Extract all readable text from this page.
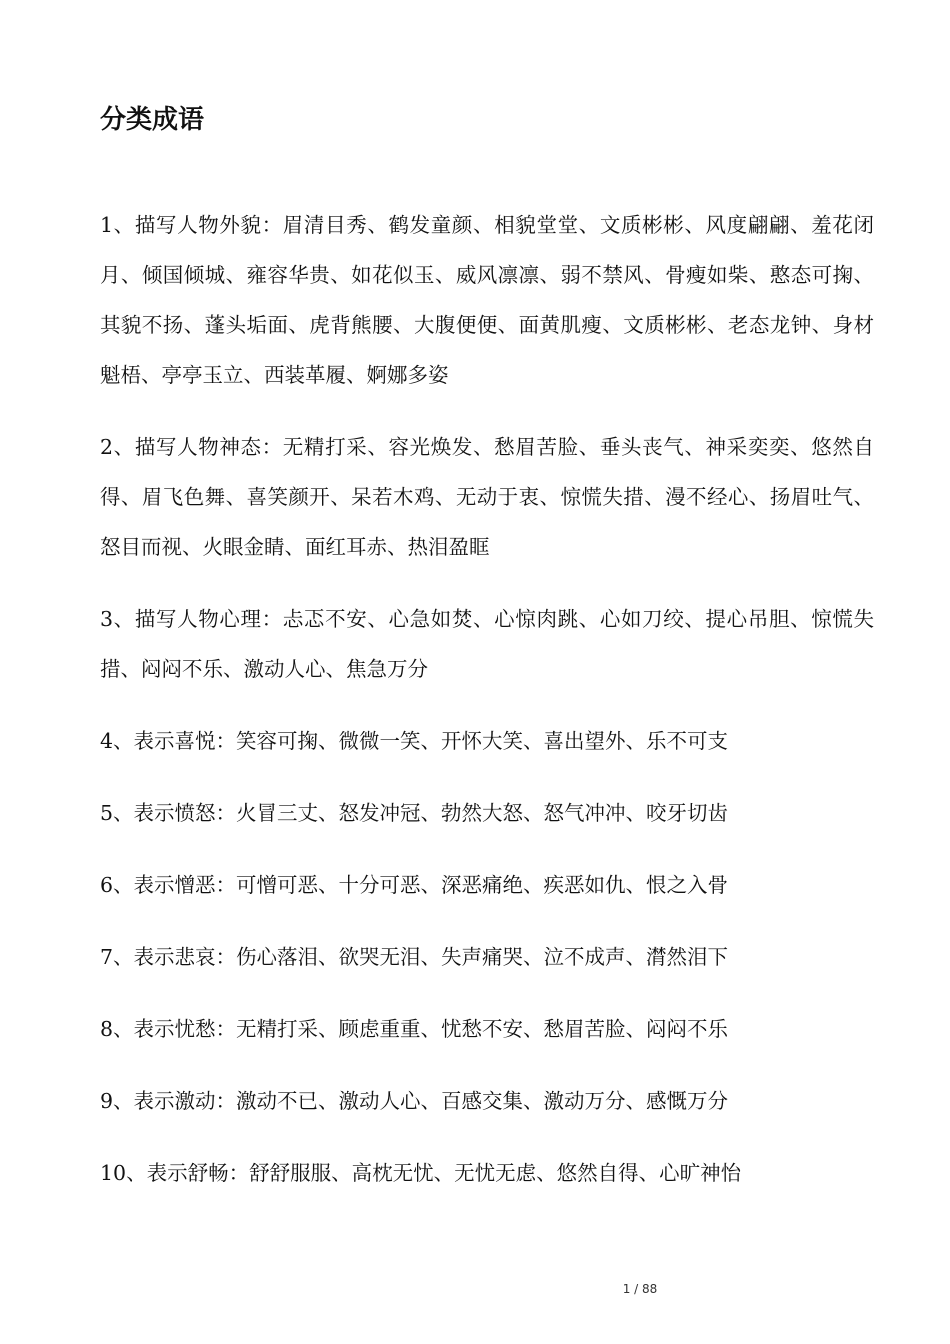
分类成语

1、描写人物外貌：眉清目秀、鹤发童颜、相貌堂堂、文质彬彬、风度翩翩、羞花闭月、倾国倾城、雍容华贵、如花似玉、威风凛凛、弱不禁风、骨瘦如柴、憨态可掬、其貌不扬、蓬头垢面、虎背熊腰、大腹便便、面黄肌瘦、文质彬彬、老态龙钟、身材魁梧、亭亭玉立、西装革履、婀娜多姿

2、描写人物神态：无精打采、容光焕发、愁眉苦脸、垂头丧气、神采奕奕、悠然自得、眉飞色舞、喜笑颜开、呆若木鸡、无动于衷、惊慌失措、漫不经心、扬眉吐气、怒目而视、火眼金睛、面红耳赤、热泪盈眶

3、描写人物心理：忐忑不安、心急如焚、心惊肉跳、心如刀绞、提心吊胆、惊慌失措、闷闷不乐、激动人心、焦急万分

4、表示喜悦：笑容可掬、微微一笑、开怀大笑、喜出望外、乐不可支

5、表示愤怒：火冒三丈、怒发冲冠、勃然大怒、怒气冲冲、咬牙切齿

6、表示憎恶：可憎可恶、十分可恶、深恶痛绝、疾恶如仇、恨之入骨

7、表示悲哀：伤心落泪、欲哭无泪、失声痛哭、泣不成声、潸然泪下

8、表示忧愁：无精打采、顾虑重重、忧愁不安、愁眉苦脸、闷闷不乐

9、表示激动：激动不已、激动人心、百感交集、激动万分、感慨万分

10、表示舒畅：舒舒服服、高枕无忧、无忧无虑、悠然自得、心旷神怡

1 / 88
